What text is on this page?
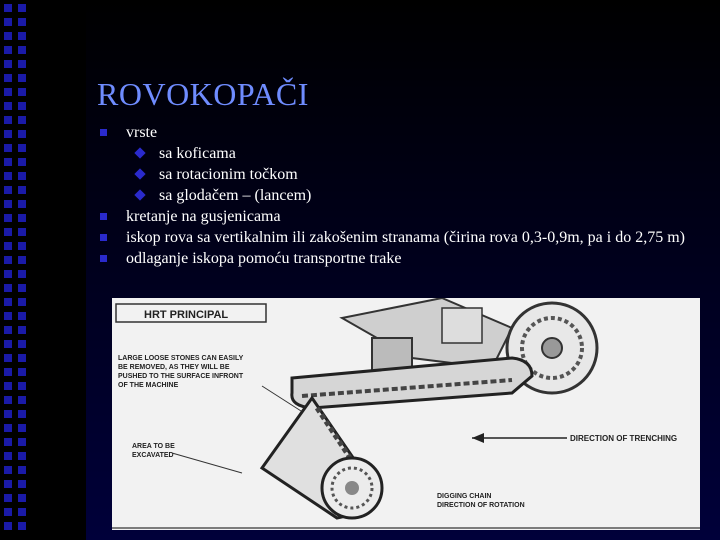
ROVOKOPAČI
vrste
sa koficama
sa rotacionim točkom
sa glodačem – (lancem)
kretanje na gusjenicama
iskop rova sa vertikalnim ili zakošenim stranama (čirina rova 0,3-0,9m, pa i do 2,75 m)
odlaganje iskopa pomoću transportne trake
HRT PRINCIPAL
LARGE LOOSE STONES CAN EASILY BE REMOVED, AS THEY WILL BE PUSHED TO THE SURFACE INFRONT OF THE MACHINE
DIRECTION OF TRENCHING
AREA TO BE EXCAVATED
DIGGING CHAIN DIRECTION OF ROTATION
